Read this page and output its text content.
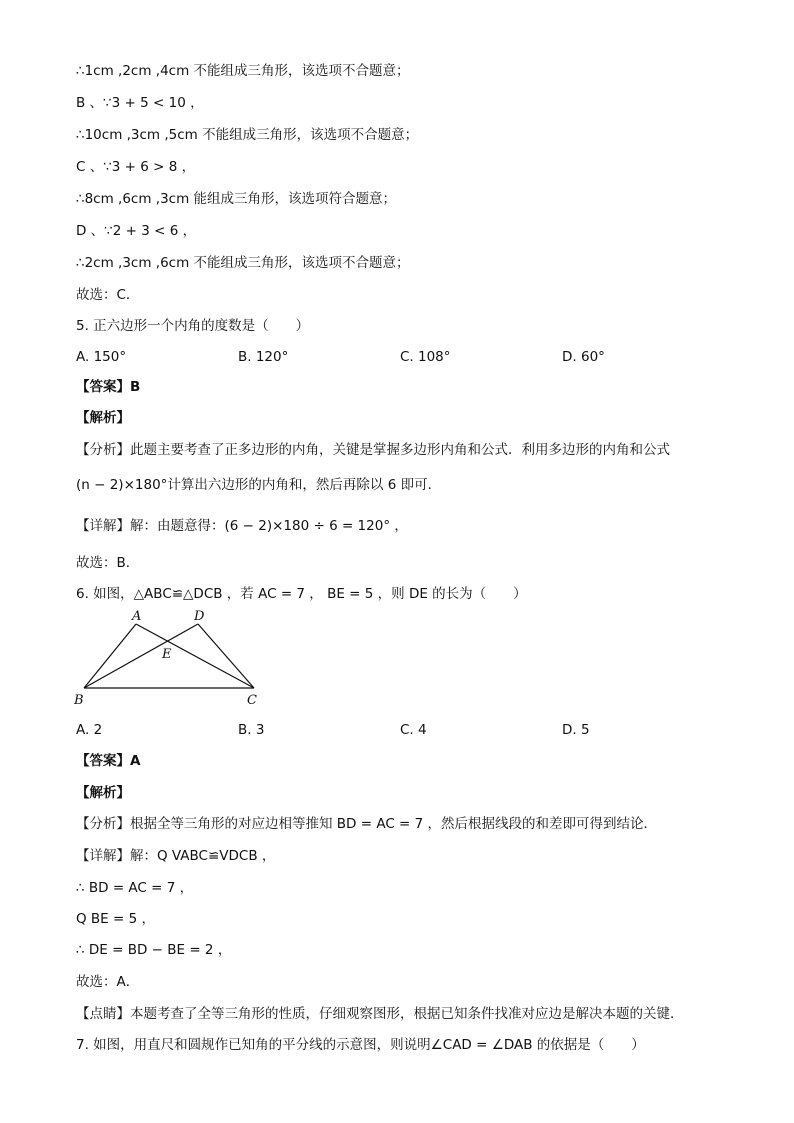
∴1cm ,2cm ,4cm 不能组成三角形，该选项不合题意；
B 、∵3 + 5 < 10 ，
∴10cm ,3cm ,5cm 不能组成三角形，该选项不合题意；
C 、∵3 + 6 > 8 ，
∴8cm ,6cm ,3cm 能组成三角形，该选项符合题意；
D 、∵2 + 3 < 6 ，
∴2cm ,3cm ,6cm 不能组成三角形，该选项不合题意；
故选：C．
5. 正六边形一个内角的度数是（　　）
A. 150°	B. 120°	C. 108°	D. 60°
【答案】B
【解析】
【分析】此题主要考查了正多边形的内角，关键是掌握多边形内角和公式．利用多边形的内角和公式
(n − 2)×180°计算出六边形的内角和，然后再除以 6 即可．
【详解】解：由题意得：(6 − 2)×180 ÷ 6 = 120° ，
故选：B．
6. 如图，△ABC≌△DCB ，若 AC = 7 ， BE = 5 ，则 DE 的长为（　　）
A	D
E
B	C
A. 2	B. 3	C. 4	D. 5
【答案】A
【解析】
【分析】根据全等三角形的对应边相等推知 BD = AC = 7 ，然后根据线段的和差即可得到结论．
【详解】解：Q VABC≌VDCB ，
∴ BD = AC = 7 ，
Q BE = 5 ，
∴ DE = BD − BE = 2 ，
故选：A．
【点睛】本题考查了全等三角形的性质，仔细观察图形，根据已知条件找准对应边是解决本题的关键．
7. 如图，用直尺和圆规作已知角的平分线的示意图，则说明∠CAD = ∠DAB 的依据是（　　）
